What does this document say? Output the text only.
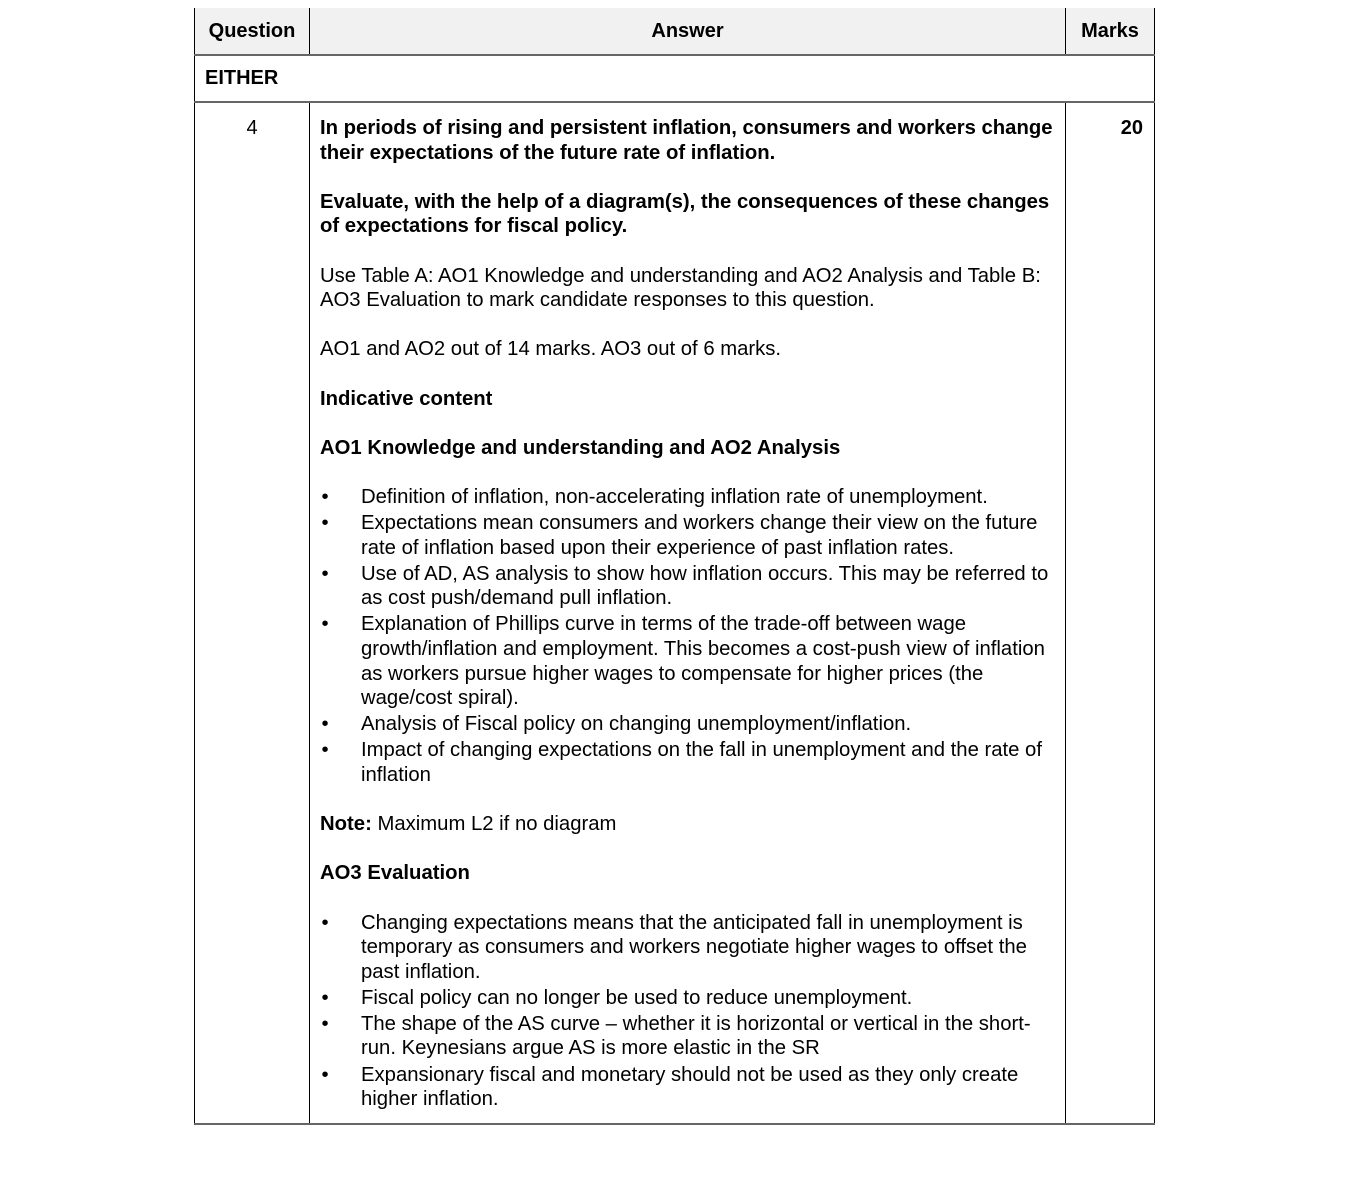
Question	Answer	Marks
EITHER		
4	In periods of rising and persistent inflation, consumers and workers change their expectations of the future rate of inflation.

Evaluate, with the help of a diagram(s), the consequences of these changes of expectations for fiscal policy.

Use Table A: AO1 Knowledge and understanding and AO2 Analysis and Table B: AO3 Evaluation to mark candidate responses to this question.

AO1 and AO2 out of 14 marks. AO3 out of 6 marks.

Indicative content

AO1 Knowledge and understanding and AO2 Analysis

• Definition of inflation, non-accelerating inflation rate of unemployment.
• Expectations mean consumers and workers change their view on the future rate of inflation based upon their experience of past inflation rates.
• Use of AD, AS analysis to show how inflation occurs. This may be referred to as cost push/demand pull inflation.
• Explanation of Phillips curve in terms of the trade-off between wage growth/inflation and employment. This becomes a cost-push view of inflation as workers pursue higher wages to compensate for higher prices (the wage/cost spiral).
• Analysis of Fiscal policy on changing unemployment/inflation.
• Impact of changing expectations on the fall in unemployment and the rate of inflation

Note: Maximum L2 if no diagram

AO3 Evaluation

• Changing expectations means that the anticipated fall in unemployment is temporary as consumers and workers negotiate higher wages to offset the past inflation.
• Fiscal policy can no longer be used to reduce unemployment.
• The shape of the AS curve – whether it is horizontal or vertical in the short-run. Keynesians argue AS is more elastic in the SR
• Expansionary fiscal and monetary should not be used as they only create higher inflation.
	20
